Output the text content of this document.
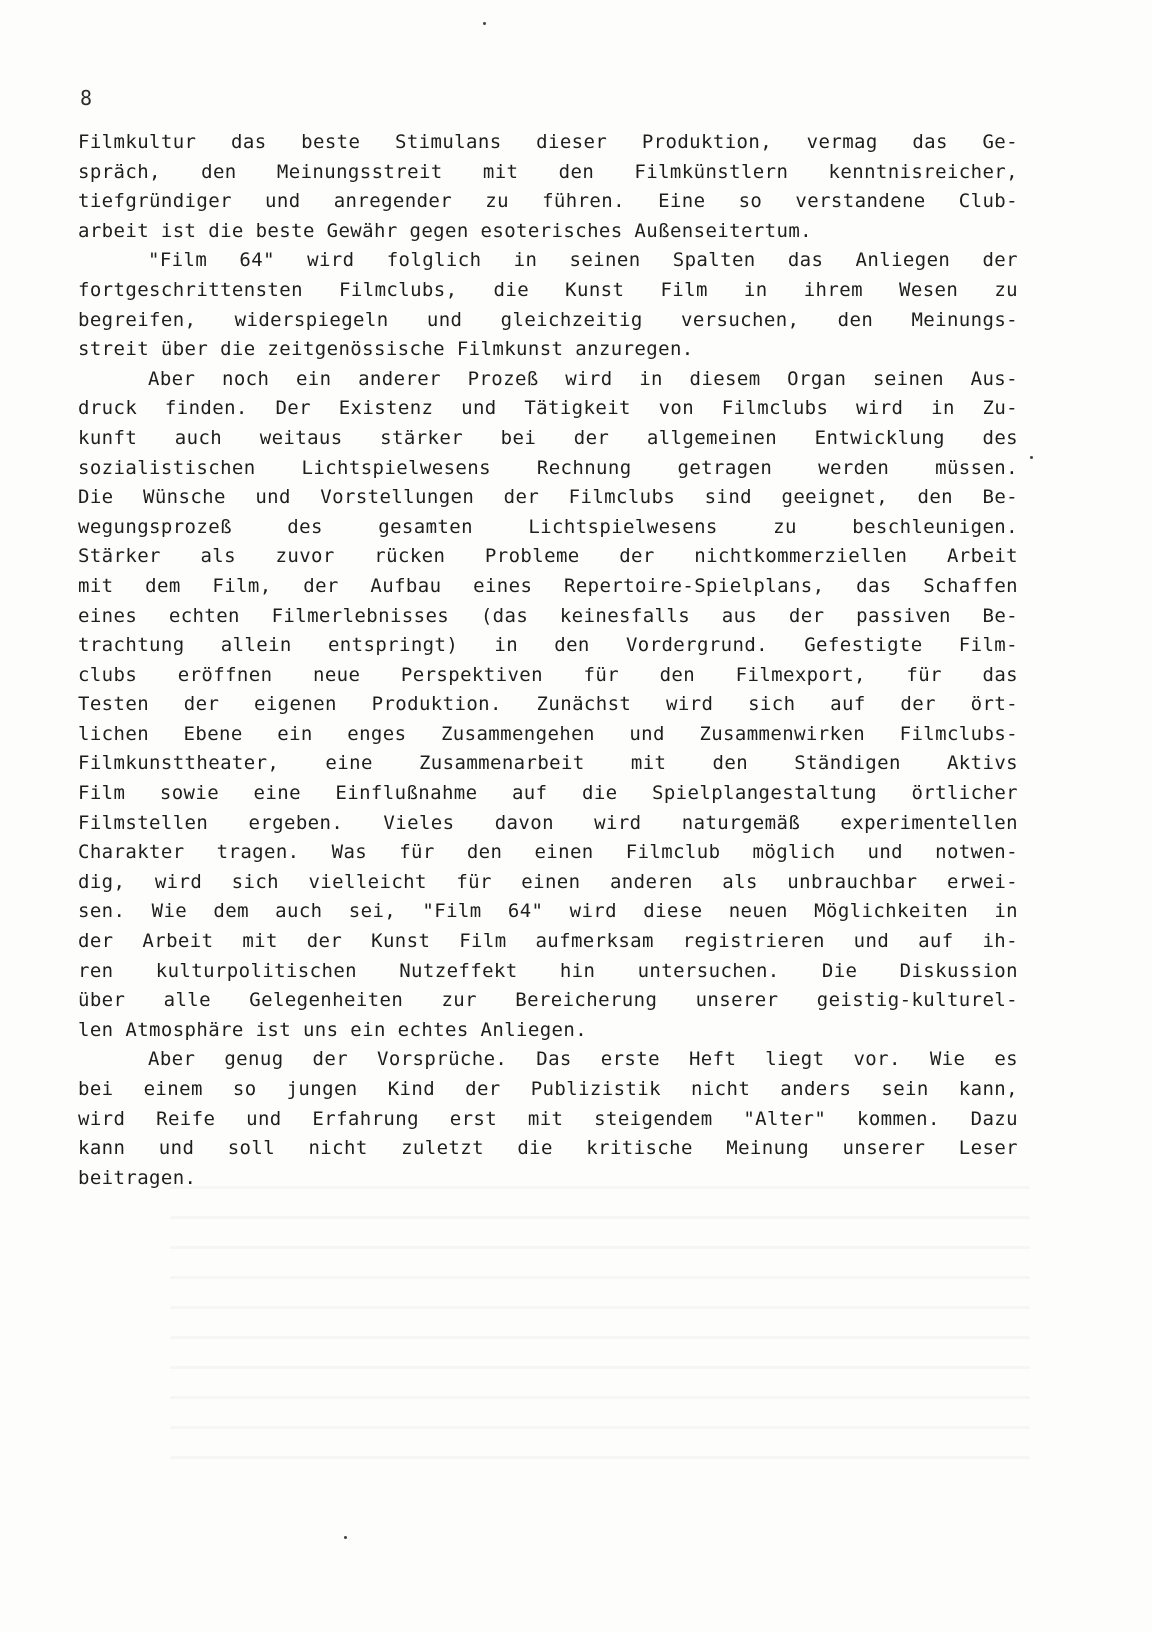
8
Filmkultur das beste Stimulans dieser Produktion, vermag das Ge-
spräch, den Meinungsstreit mit den Filmkünstlern kenntnisreicher,
tiefgründiger und anregender zu führen. Eine so verstandene Club-
arbeit ist die beste Gewähr gegen esoterisches Außenseitertum.
"Film 64" wird folglich in seinen Spalten das Anliegen der
fortgeschrittensten Filmclubs, die Kunst Film in ihrem Wesen zu
begreifen, widerspiegeln und gleichzeitig versuchen, den Meinungs-
streit über die zeitgenössische Filmkunst anzuregen.
Aber noch ein anderer Prozeß wird in diesem Organ seinen Aus-
druck finden. Der Existenz und Tätigkeit von Filmclubs wird in Zu-
kunft auch weitaus stärker bei der allgemeinen Entwicklung des
sozialistischen Lichtspielwesens Rechnung getragen werden müssen.
Die Wünsche und Vorstellungen der Filmclubs sind geeignet, den Be-
wegungsprozeß des gesamten Lichtspielwesens zu beschleunigen.
Stärker als zuvor rücken Probleme der nichtkommerziellen Arbeit
mit dem Film, der Aufbau eines Repertoire-Spielplans, das Schaffen
eines echten Filmerlebnisses (das keinesfalls aus der passiven Be-
trachtung allein entspringt) in den Vordergrund. Gefestigte Film-
clubs eröffnen neue Perspektiven für den Filmexport, für das
Testen der eigenen Produktion. Zunächst wird sich auf der ört-
lichen Ebene ein enges Zusammengehen und Zusammenwirken Filmclubs-
Filmkunsttheater, eine Zusammenarbeit mit den Ständigen Aktivs
Film sowie eine Einflußnahme auf die Spielplangestaltung örtlicher
Filmstellen ergeben. Vieles davon wird naturgemäß experimentellen
Charakter tragen. Was für den einen Filmclub möglich und notwen-
dig, wird sich vielleicht für einen anderen als unbrauchbar erwei-
sen. Wie dem auch sei, "Film 64" wird diese neuen Möglichkeiten in
der Arbeit mit der Kunst Film aufmerksam registrieren und auf ih-
ren kulturpolitischen Nutzeffekt hin untersuchen. Die Diskussion
über alle Gelegenheiten zur Bereicherung unserer geistig-kulturel-
len Atmosphäre ist uns ein echtes Anliegen.
Aber genug der Vorsprüche. Das erste Heft liegt vor. Wie es
bei einem so jungen Kind der Publizistik nicht anders sein kann,
wird Reife und Erfahrung erst mit steigendem "Alter" kommen. Dazu
kann und soll nicht zuletzt die kritische Meinung unserer Leser
beitragen.
